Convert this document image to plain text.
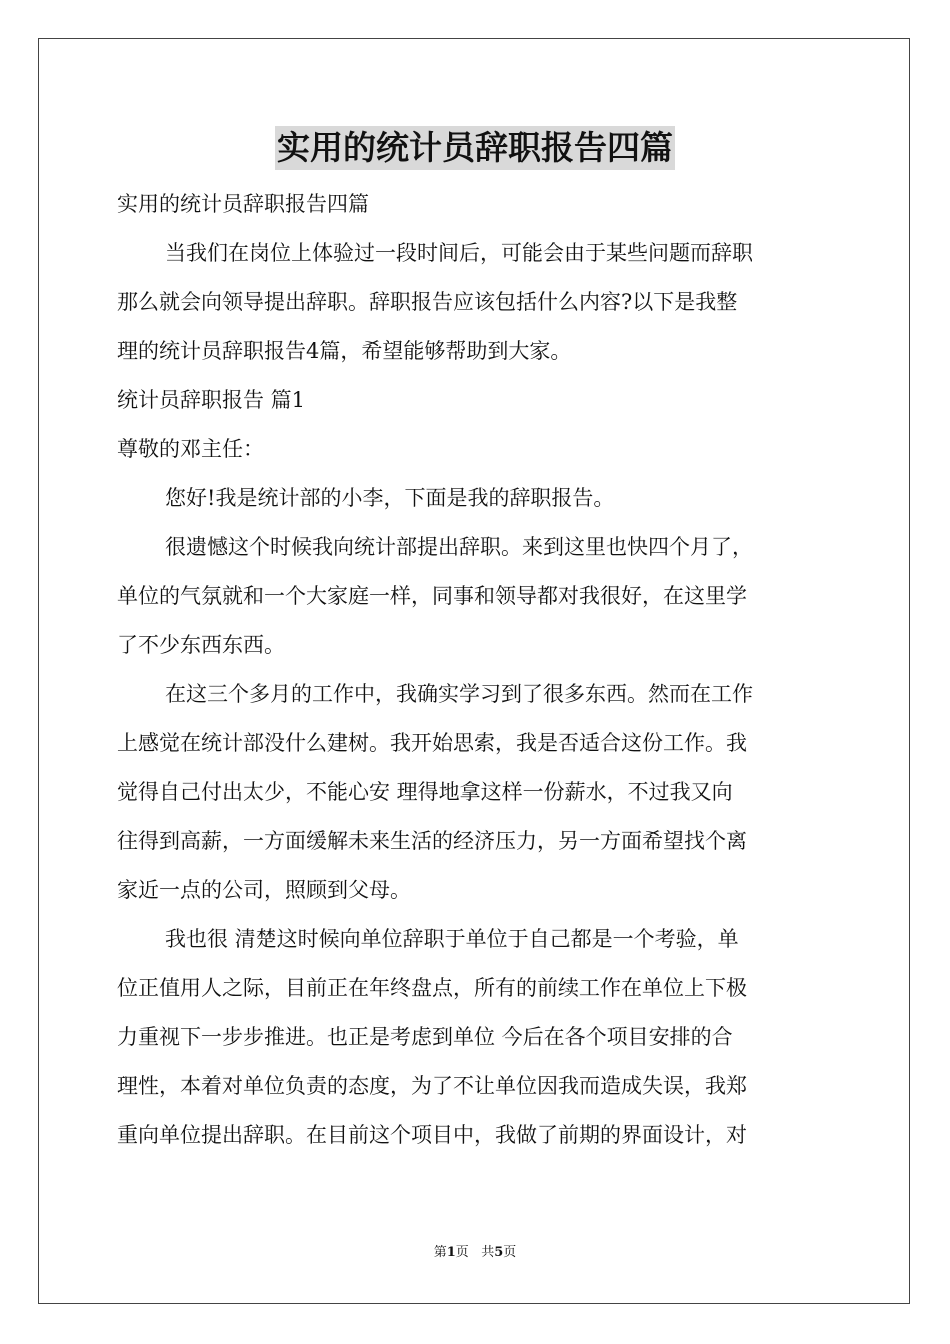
实用的统计员辞职报告四篇
实用的统计员辞职报告四篇
当我们在岗位上体验过一段时间后，可能会由于某些问题而辞职
那么就会向领导提出辞职。辞职报告应该包括什么内容?以下是我整
理的统计员辞职报告4篇，希望能够帮助到大家。
统计员辞职报告 篇1
尊敬的邓主任：
您好!我是统计部的小李，下面是我的辞职报告。
很遗憾这个时候我向统计部提出辞职。来到这里也快四个月了，
单位的气氛就和一个大家庭一样，同事和领导都对我很好，在这里学
了不少东西东西。
在这三个多月的工作中，我确实学习到了很多东西。然而在工作
上感觉在统计部没什么建树。我开始思索，我是否适合这份工作。我
觉得自己付出太少，不能心安 理得地拿这样一份薪水，不过我又向
往得到高薪，一方面缓解未来生活的经济压力，另一方面希望找个离
家近一点的公司，照顾到父母。
我也很 清楚这时候向单位辞职于单位于自己都是一个考验，单
位正值用人之际，目前正在年终盘点，所有的前续工作在单位上下极
力重视下一步步推进。也正是考虑到单位 今后在各个项目安排的合
理性，本着对单位负责的态度，为了不让单位因我而造成失误，我郑
重向单位提出辞职。在目前这个项目中，我做了前期的界面设计，对
第1页 共5页
